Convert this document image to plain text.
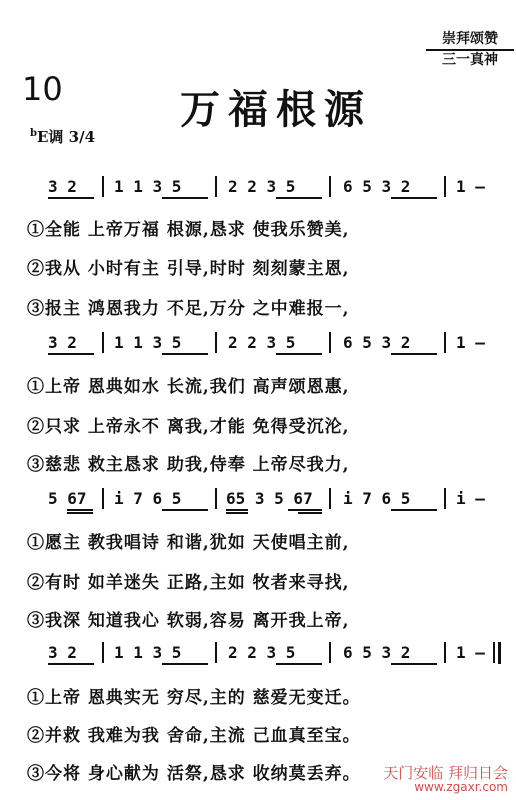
10	万福根源
崇拜颂赞
三一真神
$^b$E调 3/4
3 2 1 1 3 5	2 2 3 5	6 5 3 2	1 –
①全能 上帝万福 根源,恳求 使我乐赞美,
②我从 小时有主 引导,时时 刻刻蒙主恩,
③报主 鸿恩我力 不足,万分 之中难报一,
3 2 1 1 3 5	2 2 3 5	6 5 3 2	1 –
①上帝 恩典如水 长流,我们 高声颂恩惠,
②只求 上帝永不 离我,才能 免得受沉沦,
③慈悲 救主恳求 助我,侍奉 上帝尽我力,
5 67 i 7 6 5	65 3 5 67 i 7 6 5	i –
①愿主 教我唱诗 和谐,犹如 天使唱主前,
②有时 如羊迷失 正路,主如 牧者来寻找,
③我深 知道我心 软弱,容易 离开我上帝,
3 2 1 1 3 5	2 2 3 5	6 5 3 2	1 –
①上帝 恩典实无 穷尽,主的 慈爱无变迁。
②并救 我难为我 舍命,主流 己血真至宝。
③今将 身心献为 活祭,恳求 收纳莫丢弃。 天门安临 拜归日会
www.zgaxr.com
